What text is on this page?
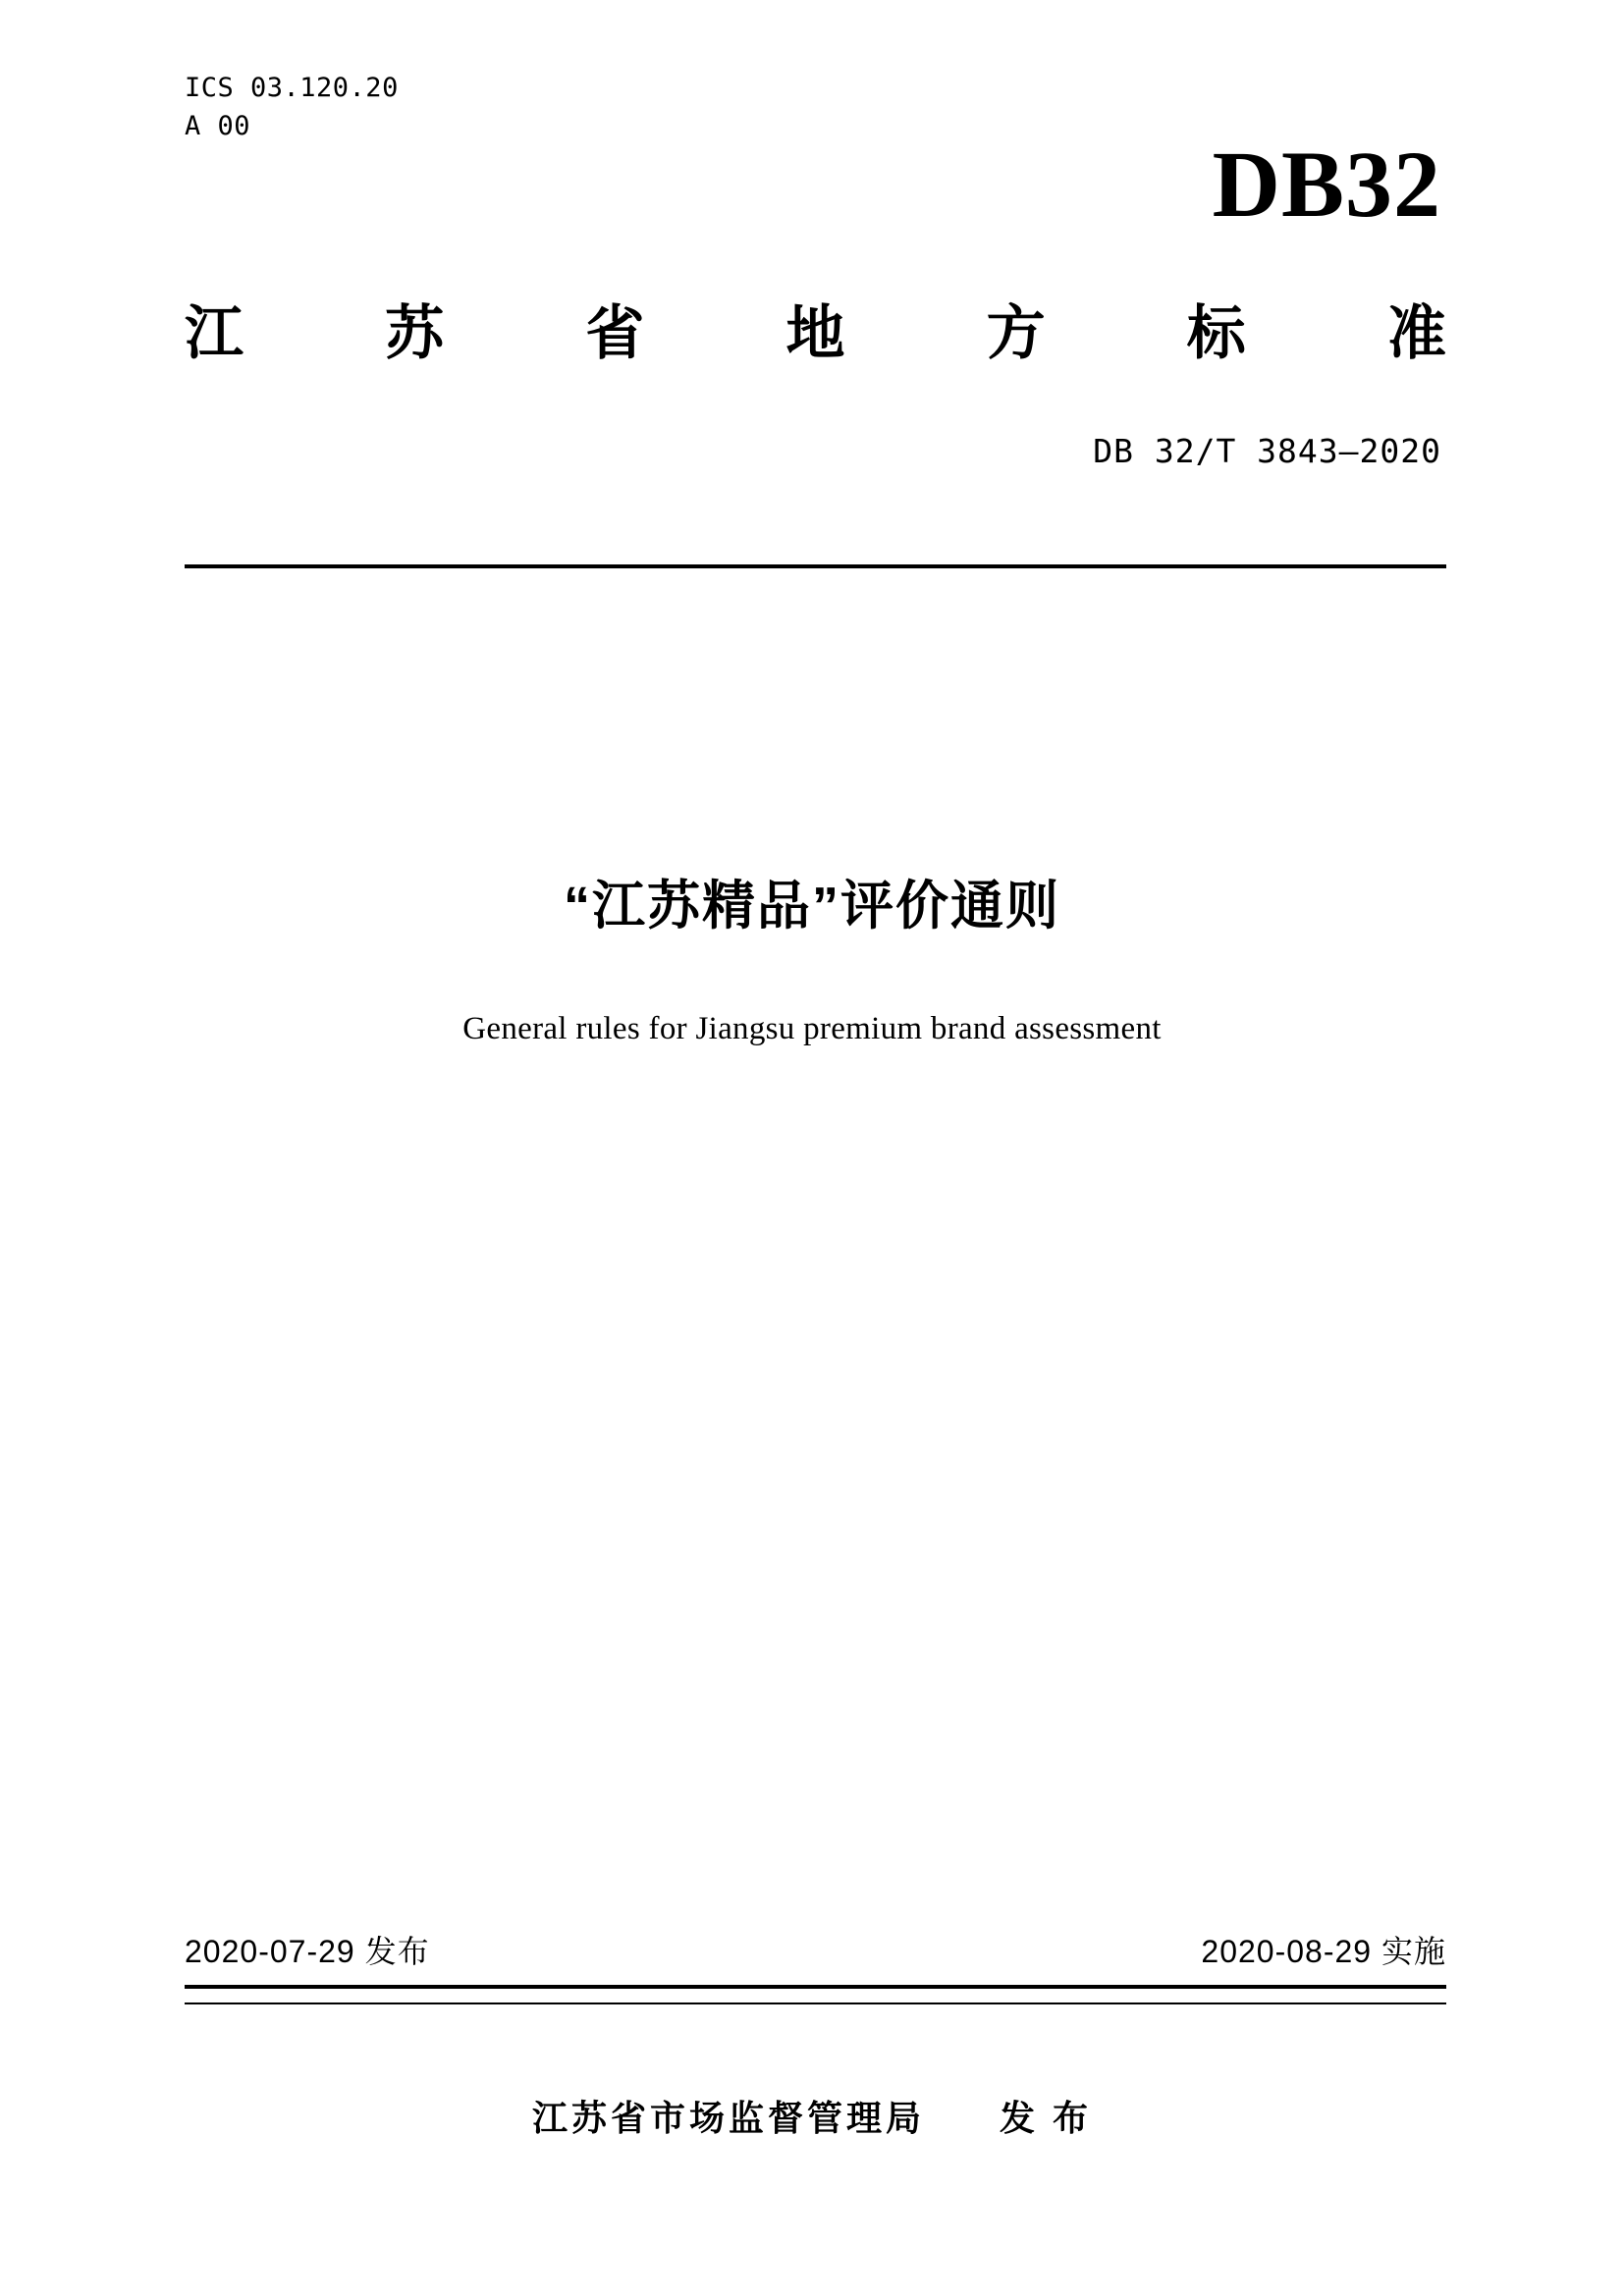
ICS 03.120.20
A 00
DB32
江 苏 省 地 方 标 准
DB 32/T 3843—2020
“江苏精品”评价通则
General rules for Jiangsu premium brand assessment
2020-07-29 发布	2020-08-29 实施
江苏省市场监督管理局 发 布
